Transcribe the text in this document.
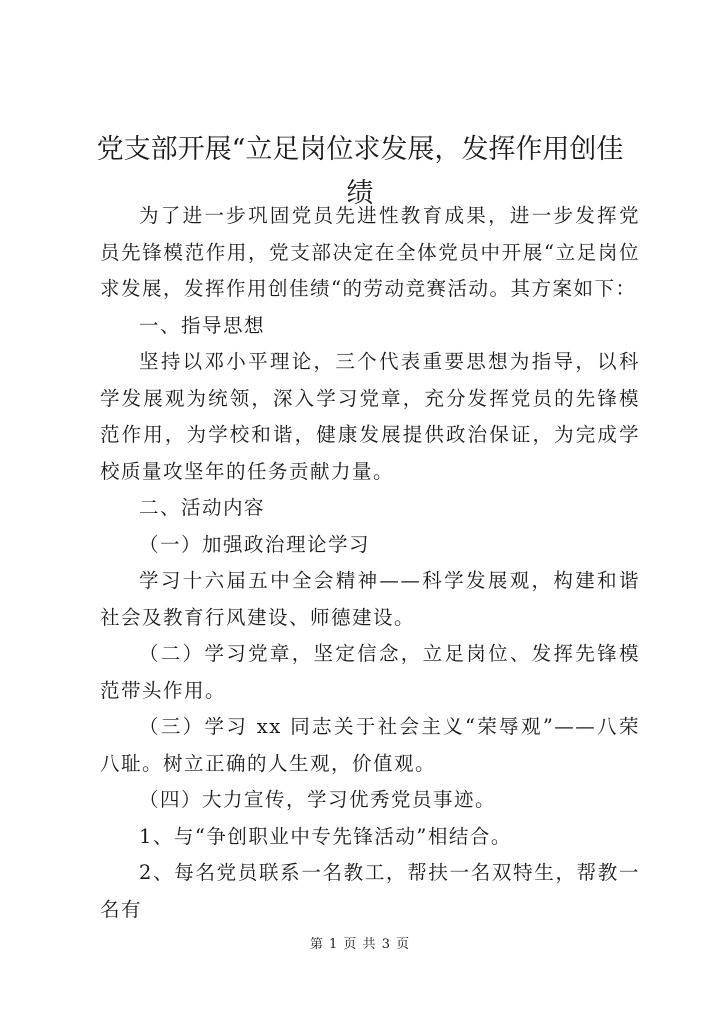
党支部开展“立足岗位求发展，发挥作用创佳
绩

为了进一步巩固党员先进性教育成果，进一步发挥党员先锋模范作用，党支部决定在全体党员中开展“立足岗位求发展，发挥作用创佳绩“的劳动竞赛活动。其方案如下：

一、指导思想

坚持以邓小平理论，三个代表重要思想为指导，以科学发展观为统领，深入学习党章，充分发挥党员的先锋模范作用，为学校和谐，健康发展提供政治保证，为完成学校质量攻坚年的任务贡献力量。

二、活动内容

（一）加强政治理论学习

学习十六届五中全会精神——科学发展观，构建和谐社会及教育行风建设、师德建设。

（二）学习党章，坚定信念，立足岗位、发挥先锋模范带头作用。

（三）学习 xx 同志关于社会主义“荣辱观”——八荣八耻。树立正确的人生观，价值观。

（四）大力宣传，学习优秀党员事迹。

1、与“争创职业中专先锋活动”相结合。

2、每名党员联系一名教工，帮扶一名双特生，帮教一名有

第 1 页 共 3 页
